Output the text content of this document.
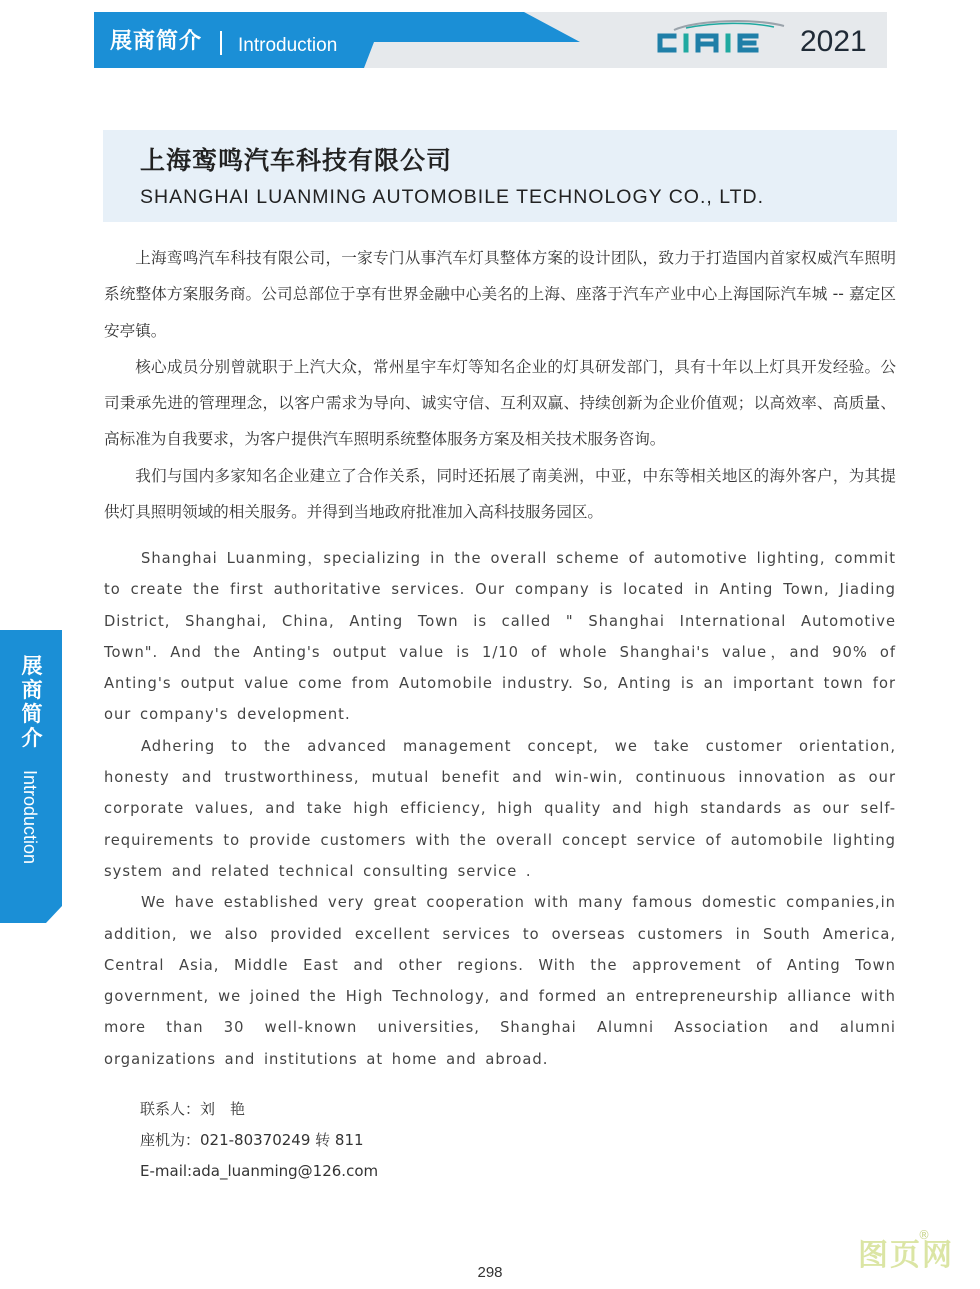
展商简介 Introduction	2021
上海鸾鸣汽车科技有限公司
SHANGHAI LUANMING AUTOMOBILE TECHNOLOGY CO., LTD.

上海鸾鸣汽车科技有限公司，一家专门从事汽车灯具整体方案的设计团队，致力于打造国内首家权威汽车照明系统整体方案服务商。公司总部位于享有世界金融中心美名的上海、座落于汽车产业中心上海国际汽车城 -- 嘉定区安亭镇。

核心成员分别曾就职于上汽大众，常州星宇车灯等知名企业的灯具研发部门，具有十年以上灯具开发经验。公司秉承先进的管理理念，以客户需求为导向、诚实守信、互利双赢、持续创新为企业价值观；以高效率、高质量、高标准为自我要求，为客户提供汽车照明系统整体服务方案及相关技术服务咨询。

我们与国内多家知名企业建立了合作关系，同时还拓展了南美洲，中亚，中东等相关地区的海外客户，为其提供灯具照明领域的相关服务。并得到当地政府批准加入高科技服务园区。

Shanghai Luanming，specializing in the overall scheme of automotive lighting, commit to create the first authoritative services. Our company is located in Anting Town, Jiading District, Shanghai, China, Anting Town is called " Shanghai International Automotive Town". And the Anting's output value is 1/10 of whole Shanghai's value，and 90% of Anting's output value come from Automobile industry. So, Anting is an important town for our company's development.

Adhering to the advanced management concept, we take customer orientation, honesty and trustworthiness, mutual benefit and win-win, continuous innovation as our corporate values, and take high efficiency, high quality and high standards as our self-requirements to provide customers with the overall concept service of automobile lighting system and related technical consulting service .

We have established very great cooperation with many famous domestic companies,in addition, we also provided excellent services to overseas customers in South America, Central Asia, Middle East and other regions. With the approvement of Anting Town government, we joined the High Technology, and formed an entrepreneurship alliance with more than 30 well-known universities, Shanghai Alumni Association and alumni organizations and institutions at home and abroad.

联系人：刘　艳
座机为：021-80370249 转 811
E-mail:ada_luanming@126.com
展
商
简
介
Introduction
298	图页网
®
